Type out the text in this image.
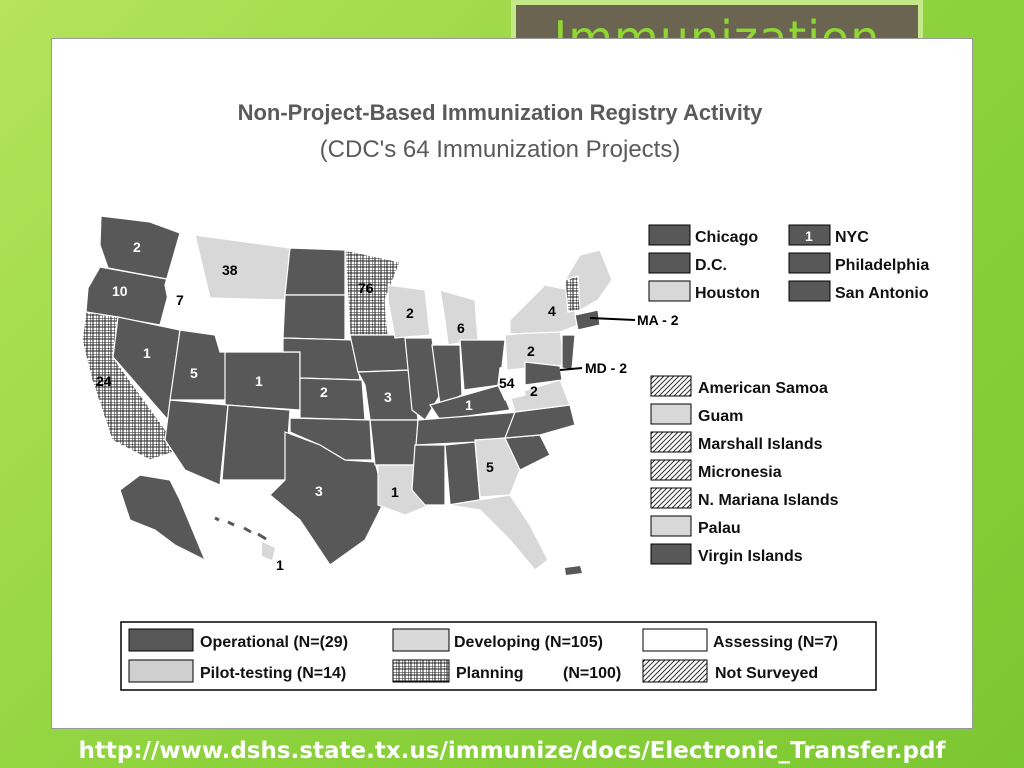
Non-Project-Based Immunization Registry Activity
(CDC's 64 Immunization Projects)
2
10
24
7
38
1
5	1
2	3
76
2
6
1
54 2
4
2
3	1
5
1
MA - 2
MD - 2
Chicago	1 NYC
D.C.	Philadelphia
Houston	San Antonio
American Samoa
Guam
Marshall Islands
Micronesia
N. Mariana Islands
Palau
Virgin Islands
Operational (N=(29)	Developing (N=105)	Assessing (N=7)
Pilot-testing (N=14)	Planning (N=100)	Not Surveyed
http://www.dshs.state.tx.us/immunize/docs/Electronic_Transfer.pdf
